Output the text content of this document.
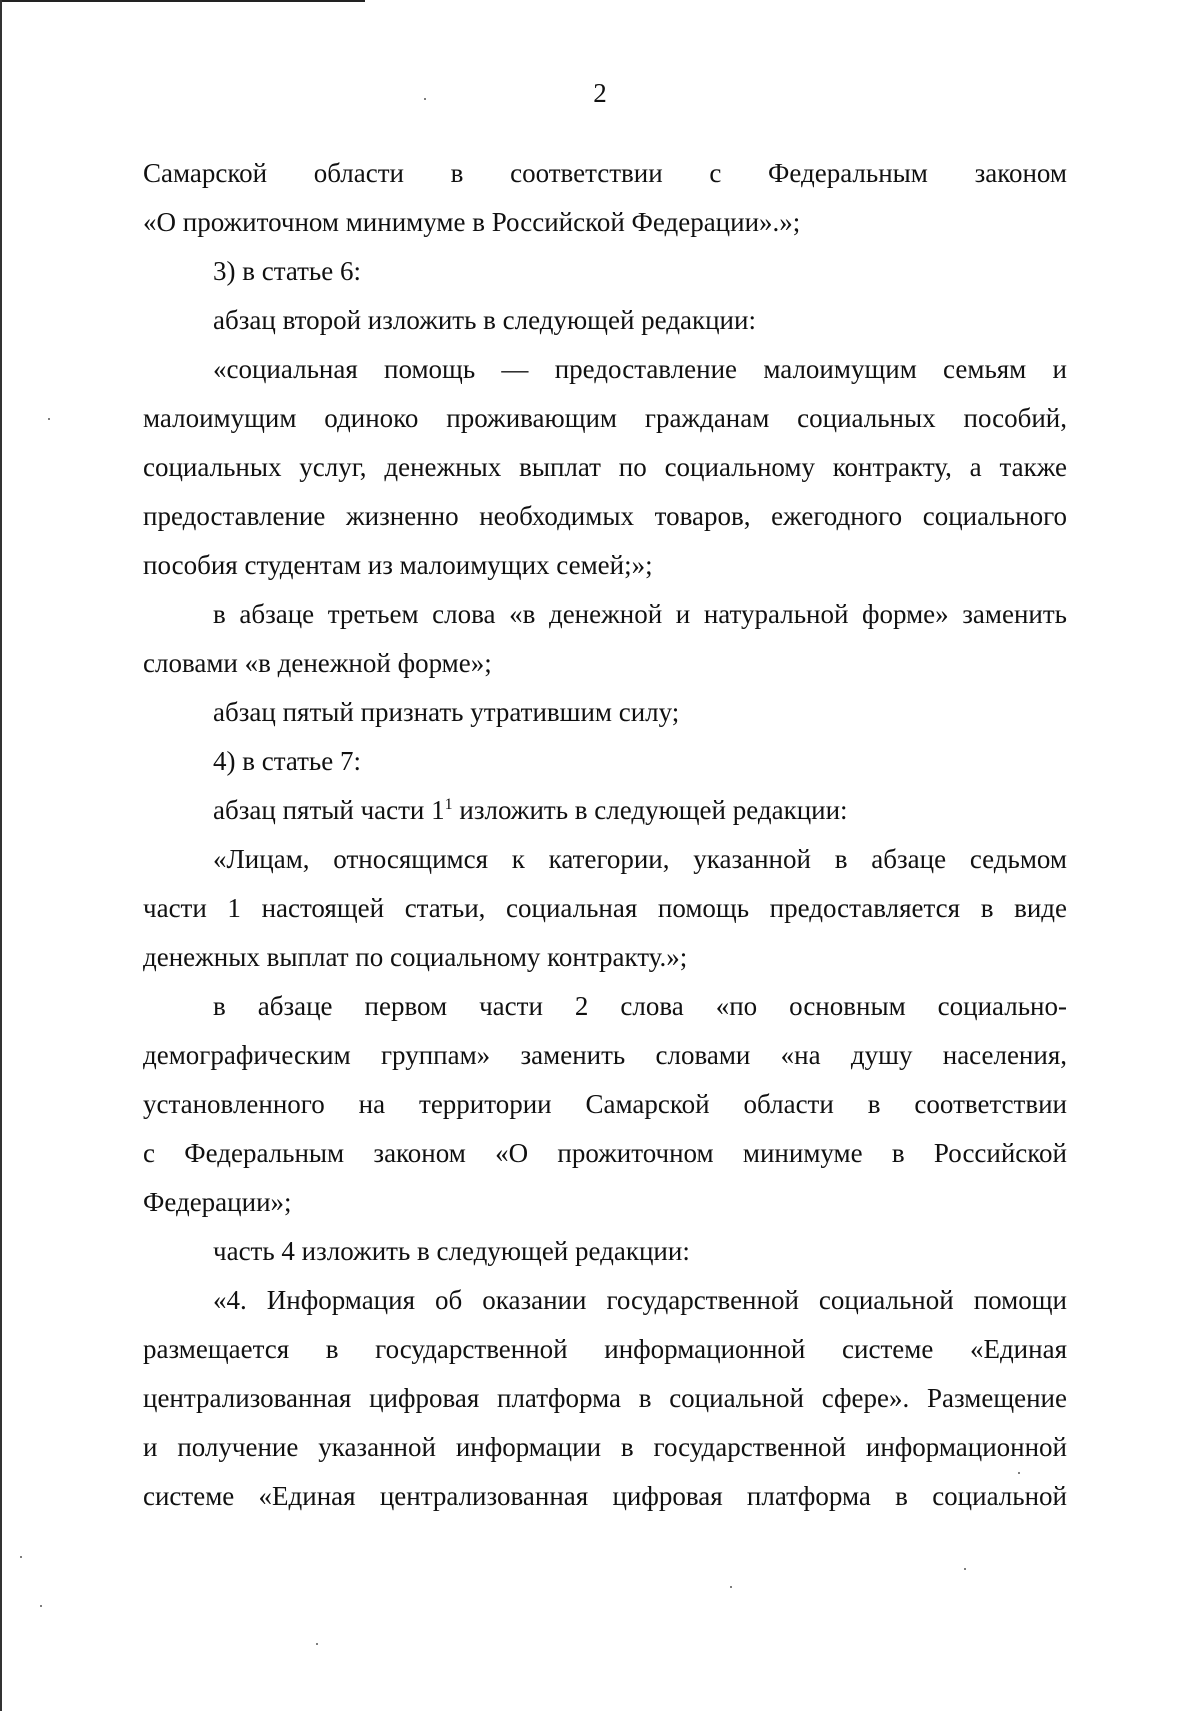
2

Самарской области в соответствии с Федеральным законом

«О прожиточном минимуме в Российской Федерации».»;

3) в статье 6:

абзац второй изложить в следующей редакции:

«социальная помощь — предоставление малоимущим семьям и

малоимущим одиноко проживающим гражданам социальных пособий,

социальных услуг, денежных выплат по социальному контракту, а также

предоставление жизненно необходимых товаров, ежегодного социального

пособия студентам из малоимущих семей;»;

в абзаце третьем слова «в денежной и натуральной форме» заменить

словами «в денежной форме»;

абзац пятый признать утратившим силу;

4) в статье 7:

абзац пятый части $1^1$ изложить в следующей редакции:

«Лицам, относящимся к категории, указанной в абзаце седьмом

части 1 настоящей статьи, социальная помощь предоставляется в виде

денежных выплат по социальному контракту.»;

в абзаце первом части 2 слова «по основным социально-

демографическим группам» заменить словами «на душу населения,

установленного на территории Самарской области в соответствии

с Федеральным законом «О прожиточном минимуме в Российской

Федерации»;

часть 4 изложить в следующей редакции:

«4. Информация об оказании государственной социальной помощи

размещается в государственной информационной системе «Единая

централизованная цифровая платформа в социальной сфере». Размещение

и получение указанной информации в государственной информационной

системе «Единая централизованная цифровая платформа в социальной
